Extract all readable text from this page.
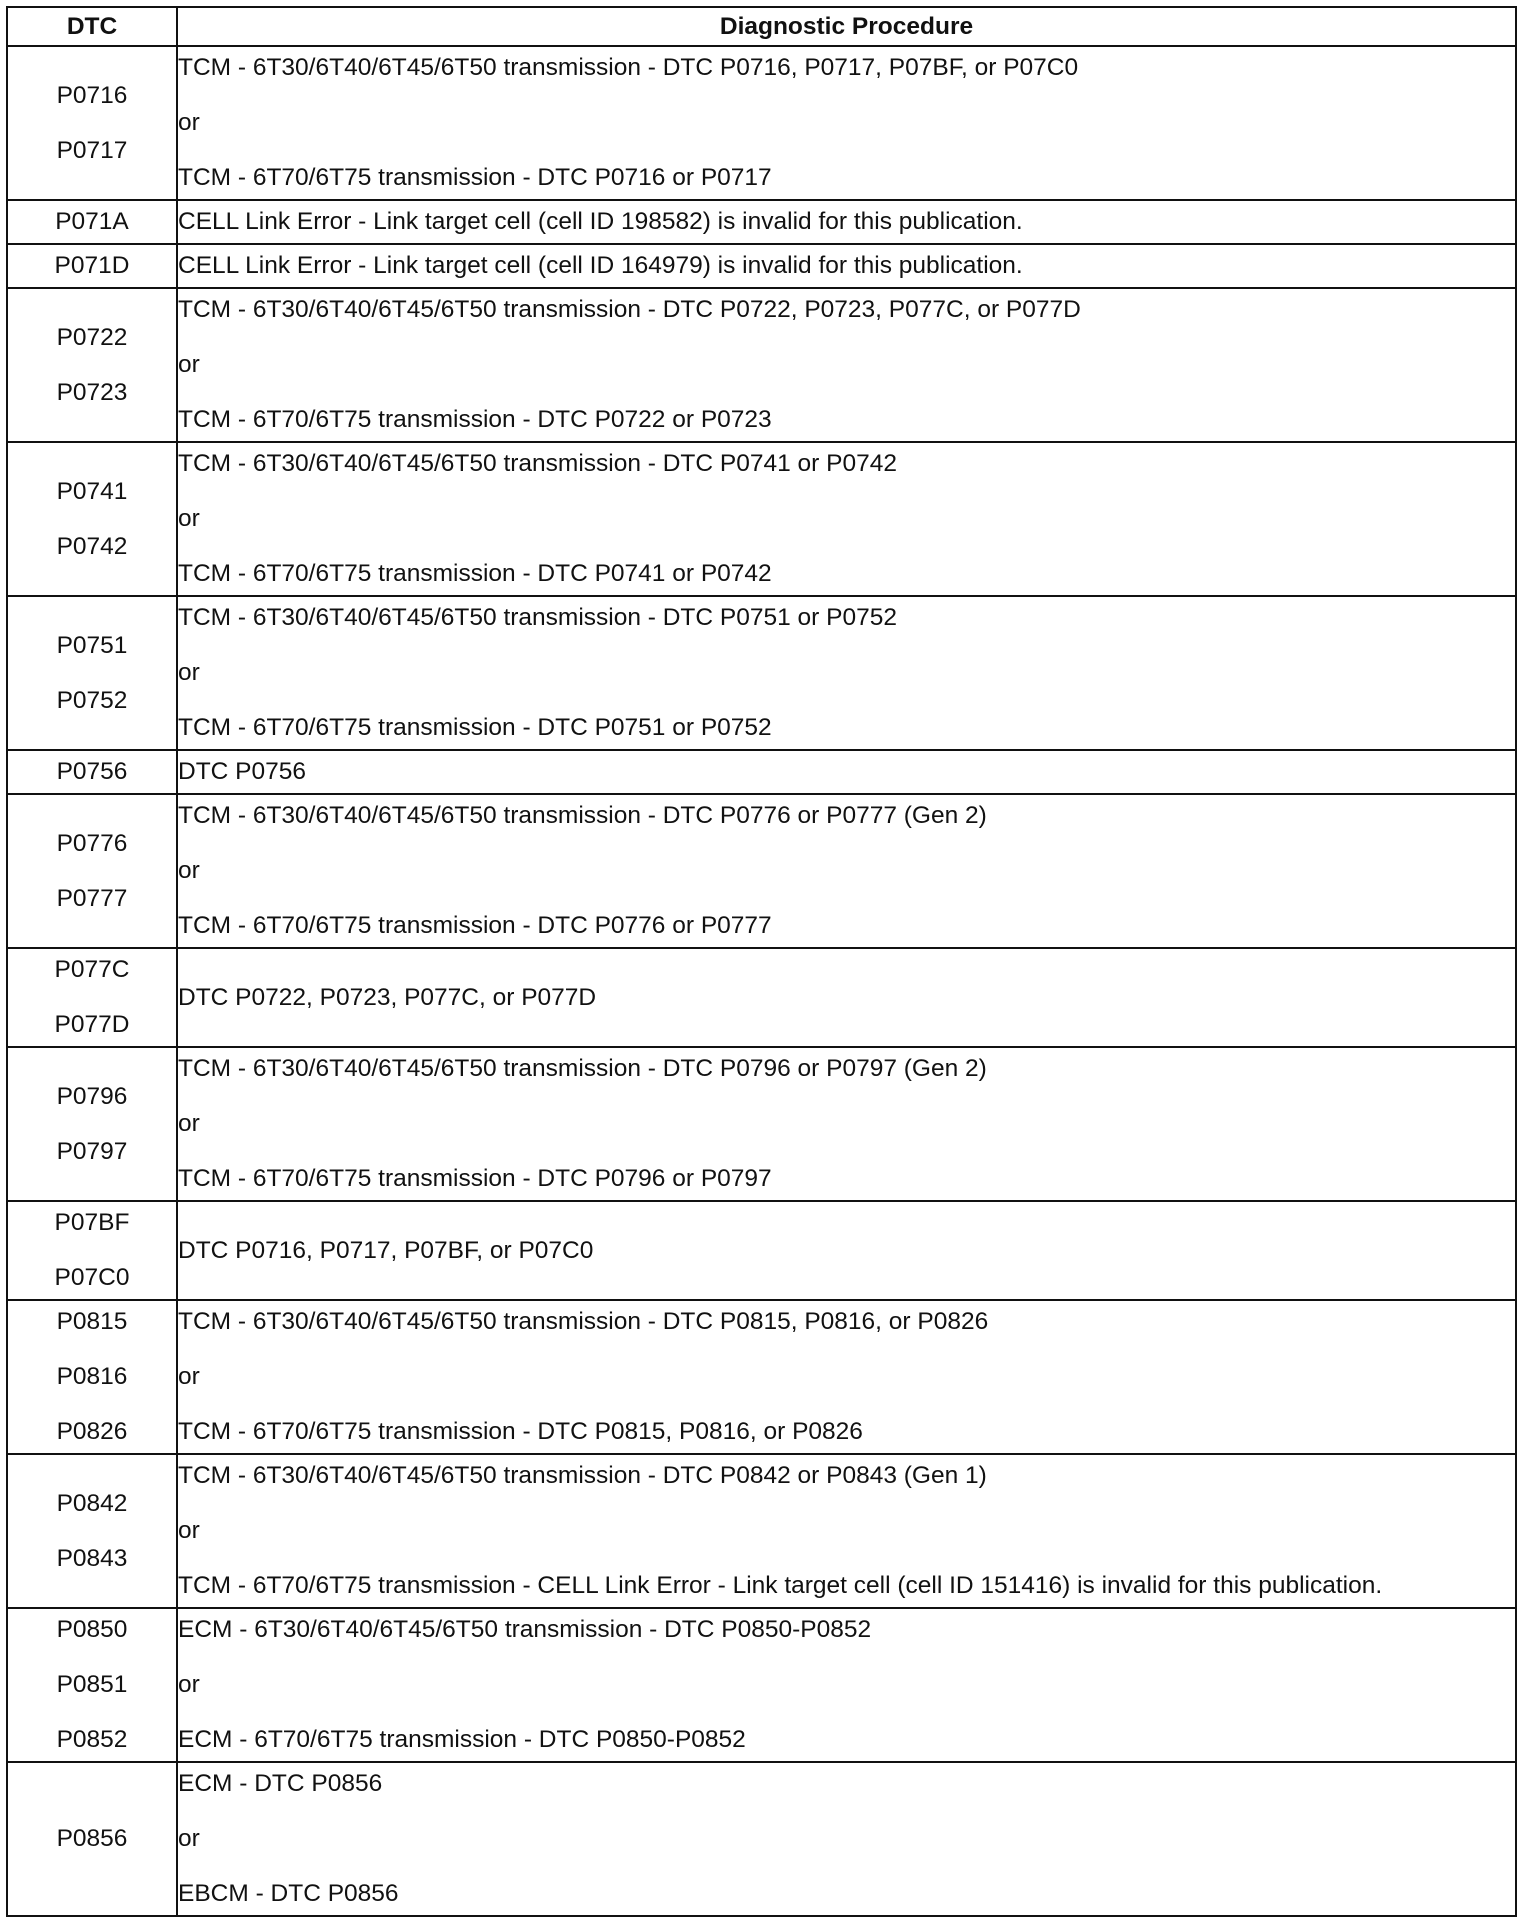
DTC	Diagnostic Procedure

P0716
P0717	TCM - 6T30/6T40/6T45/6T50 transmission - DTC P0716, P0717, P07BF, or P07C0
or
TCM - 6T70/6T75 transmission - DTC P0716 or P0717

P071A	CELL Link Error - Link target cell (cell ID 198582) is invalid for this publication.

P071D	CELL Link Error - Link target cell (cell ID 164979) is invalid for this publication.

P0722
P0723	TCM - 6T30/6T40/6T45/6T50 transmission - DTC P0722, P0723, P077C, or P077D
or
TCM - 6T70/6T75 transmission - DTC P0722 or P0723

P0741
P0742	TCM - 6T30/6T40/6T45/6T50 transmission - DTC P0741 or P0742
or
TCM - 6T70/6T75 transmission - DTC P0741 or P0742

P0751
P0752	TCM - 6T30/6T40/6T45/6T50 transmission - DTC P0751 or P0752
or
TCM - 6T70/6T75 transmission - DTC P0751 or P0752

P0756	DTC P0756

P0776
P0777	TCM - 6T30/6T40/6T45/6T50 transmission - DTC P0776 or P0777 (Gen 2)
or
TCM - 6T70/6T75 transmission - DTC P0776 or P0777

P077C
P077D	DTC P0722, P0723, P077C, or P077D

P0796
P0797	TCM - 6T30/6T40/6T45/6T50 transmission - DTC P0796 or P0797 (Gen 2)
or
TCM - 6T70/6T75 transmission - DTC P0796 or P0797

P07BF
P07C0	DTC P0716, P0717, P07BF, or P07C0

P0815
P0816
P0826	TCM - 6T30/6T40/6T45/6T50 transmission - DTC P0815, P0816, or P0826
or
TCM - 6T70/6T75 transmission - DTC P0815, P0816, or P0826

P0842
P0843	TCM - 6T30/6T40/6T45/6T50 transmission - DTC P0842 or P0843 (Gen 1)
or
TCM - 6T70/6T75 transmission - CELL Link Error - Link target cell (cell ID 151416) is invalid for this publication.

P0850
P0851
P0852	ECM - 6T30/6T40/6T45/6T50 transmission - DTC P0850-P0852
or
ECM - 6T70/6T75 transmission - DTC P0850-P0852

P0856	ECM - DTC P0856
or
EBCM - DTC P0856
